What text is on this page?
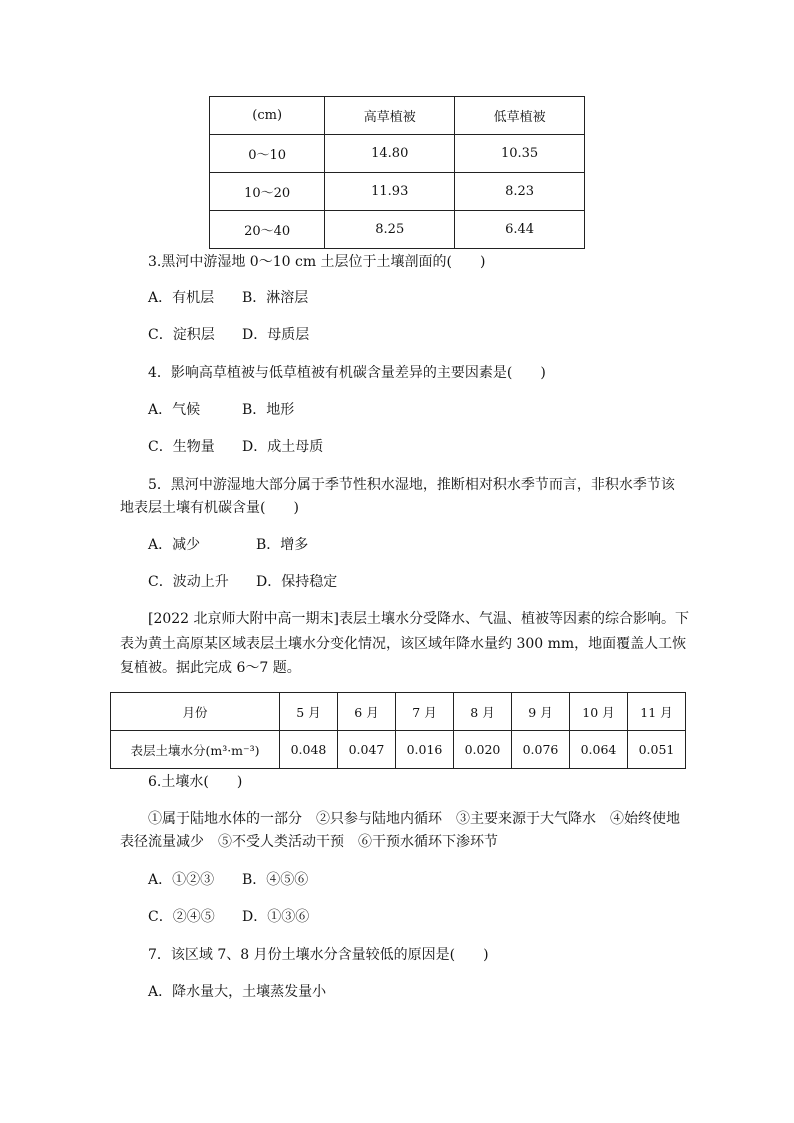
(cm)	高草植被	低草植被
0～10	14.80	10.35
10～20	11.93	8.23
20～40	8.25	6.44
3.黑河中游湿地 0～10 cm 土层位于土壤剖面的(　　)
A．有机层 B．淋溶层
C．淀积层 D．母质层
4．影响高草植被与低草植被有机碳含量差异的主要因素是(　　)
A．气候	B．地形
C．生物量 D．成土母质
5．黑河中游湿地大部分属于季节性积水湿地，推断相对积水季节而言，非积水季节该
地表层土壤有机碳含量(　　)
A．减少	B．增多
C．波动上升 D．保持稳定
[2022 北京师大附中高一期末]表层土壤水分受降水、气温、植被等因素的综合影响。下
表为黄土高原某区域表层土壤水分变化情况，该区域年降水量约 300 mm，地面覆盖人工恢
复植被。据此完成 6～7 题。
月份	5 月	6 月	7 月	8 月	9 月	10 月	11 月
表层土壤水分(m³·m⁻³)	0.048	0.047	0.016	0.020	0.076	0.064	0.051
6.土壤水(　　)
①属于陆地水体的一部分　②只参与陆地内循环　③主要来源于大气降水　④始终使地
表径流量减少　⑤不受人类活动干预　⑥干预水循环下渗环节
A．①②③ B．④⑤⑥
C．②④⑤ D．①③⑥
7．该区域 7、8 月份土壤水分含量较低的原因是(　　)
A．降水量大，土壤蒸发量小
